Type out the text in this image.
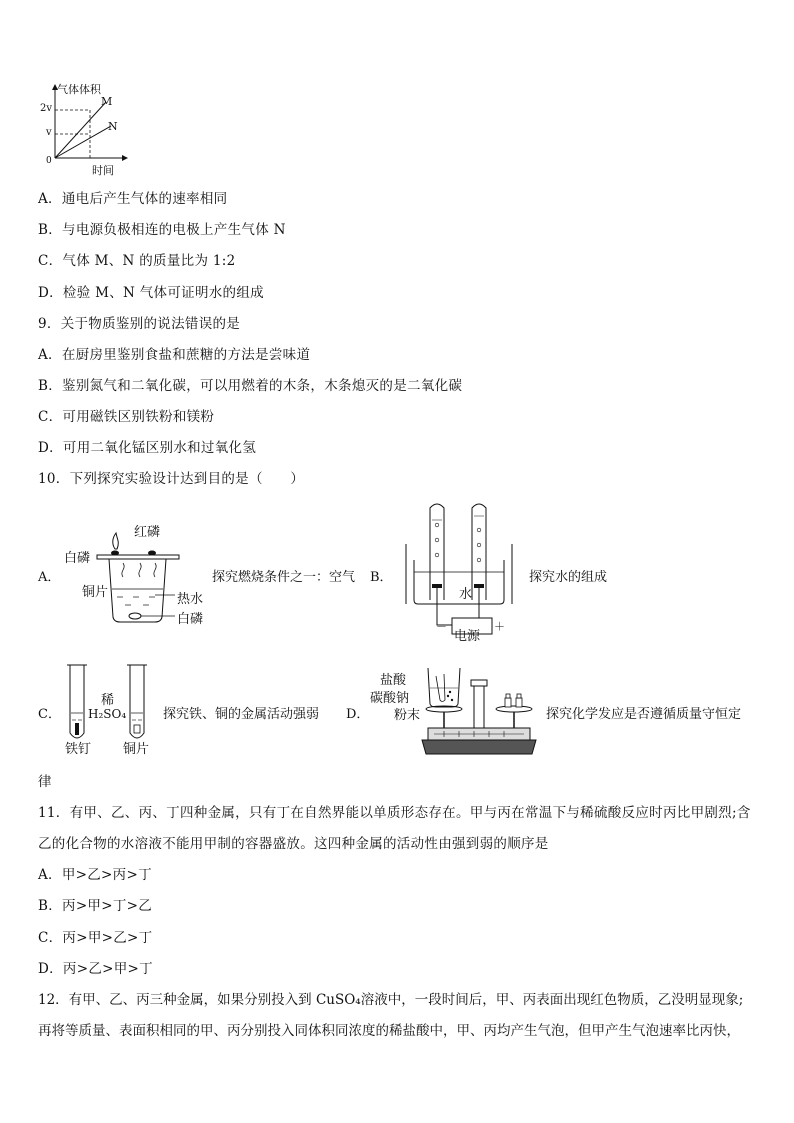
气体体积
时间
0
2v
v
M
N
A．通电后产生气体的速率相同
B．与电源负极相连的电极上产生气体 N
C．气体 M、N 的质量比为 1:2
D．检验 M、N 气体可证明水的组成
9．关于物质鉴别的说法错误的是
A．在厨房里鉴别食盐和蔗糖的方法是尝味道
B．鉴别氮气和二氧化碳，可以用燃着的木条，木条熄灭的是二氧化碳
C．可用磁铁区别铁粉和镁粉
D．可用二氧化锰区别水和过氧化氢
10．下列探究实验设计达到目的是（　　）
A．
红磷
白磷
铜片	热水
白磷
探究燃烧条件之一：空气 B．
水
电源
－	＋
探究水的组成
C．
稀
H₂SO₄
铁钉 铜片
探究铁、铜的金属活动强弱 D．
盐酸
碳酸钠
粉末	探究化学发应是否遵循质量守恒定
律
11．有甲、乙、丙、丁四种金属，只有丁在自然界能以单质形态存在。甲与丙在常温下与稀硫酸反应时丙比甲剧烈;含
乙的化合物的水溶液不能用甲制的容器盛放。这四种金属的活动性由强到弱的顺序是
A．甲>乙>丙>丁
B．丙>甲>丁>乙
C．丙>甲>乙>丁
D．丙>乙>甲>丁
12．有甲、乙、丙三种金属，如果分别投入到 CuSO₄溶液中，一段时间后，甲、丙表面出现红色物质，乙没明显现象;
再将等质量、表面积相同的甲、丙分别投入同体积同浓度的稀盐酸中，甲、丙均产生气泡，但甲产生气泡速率比丙快，
